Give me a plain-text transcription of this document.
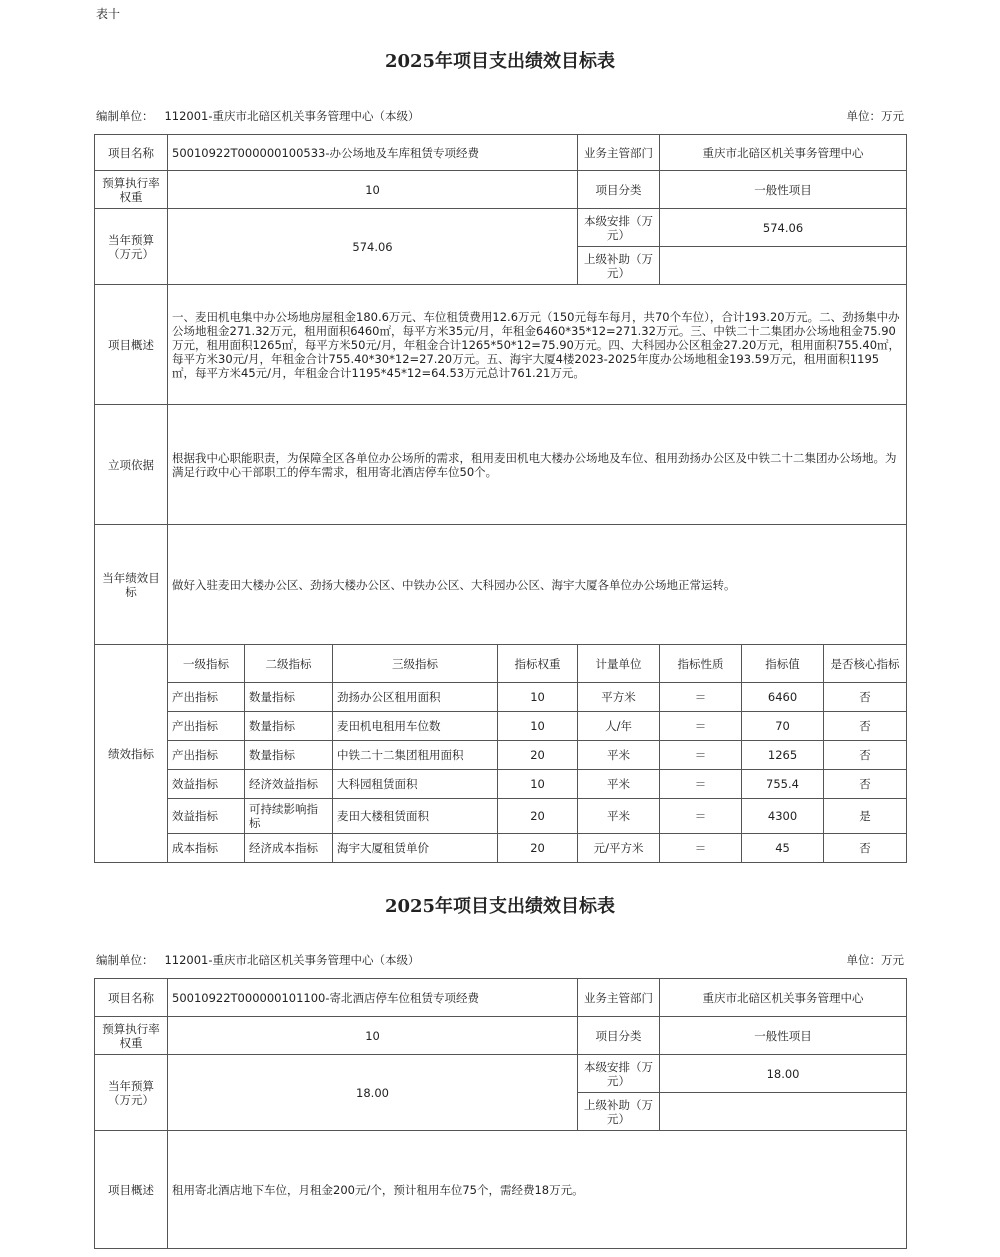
表十
2025年项目支出绩效目标表
编制单位： 112001-重庆市北碚区机关事务管理中心（本级）	单位：万元
项目名称	50010922T000000100533-办公场地及车库租赁专项经费				业务主管部门	重庆市北碚区机关事务管理中心		
预算执行率权重	10				项目分类	一般性项目		
当年预算（万元）	574.06				本级安排（万元）	574.06		
					上级补助（万元）			
项目概述	一、麦田机电集中办公场地房屋租金180.6万元、车位租赁费用12.6万元（150元每车每月，共70个车位），合计193.20万元。二、劲扬集中办公场地租金271.32万元，租用面积6460㎡，每平方米35元/月，年租金6460*35*12=271.32万元。三、中铁二十二集团办公场地租金75.90万元，租用面积1265㎡，每平方米50元/月，年租金合计1265*50*12=75.90万元。四、大科园办公区租金27.20万元，租用面积755.40㎡，每平方米30元/月，年租金合计755.40*30*12=27.20万元。五、海宇大厦4楼2023-2025年度办公场地租金193.59万元，租用面积1195㎡，每平方米45元/月，年租金合计1195*45*12=64.53万元总计761.21万元。							
立项依据	根据我中心职能职责，为保障全区各单位办公场所的需求，租用麦田机电大楼办公场地及车位、租用劲扬办公区及中铁二十二集团办公场地。为满足行政中心干部职工的停车需求，租用寄北酒店停车位50个。							
当年绩效目标	做好入驻麦田大楼办公区、劲扬大楼办公区、中铁办公区、大科园办公区、海宇大厦各单位办公场地正常运转。							
绩效指标	一级指标	二级指标	三级指标	指标权重	计量单位	指标性质	指标值	是否核心指标
	产出指标	数量指标	劲扬办公区租用面积	10	平方米	＝	6460	否
	产出指标	数量指标	麦田机电租用车位数	10	人/年	＝	70	否
	产出指标	数量指标	中铁二十二集团租用面积	20	平米	＝	1265	否
	效益指标	经济效益指标	大科园租赁面积	10	平米	＝	755.4	否
	效益指标	可持续影响指标	麦田大楼租赁面积	20	平米	＝	4300	是
	成本指标	经济成本指标	海宇大厦租赁单价	20	元/平方米	＝	45	否
2025年项目支出绩效目标表
编制单位： 112001-重庆市北碚区机关事务管理中心（本级）	单位：万元
项目名称	50010922T000000101100-寄北酒店停车位租赁专项经费	业务主管部门	重庆市北碚区机关事务管理中心
预算执行率权重	10	项目分类	一般性项目
当年预算（万元）	18.00	本级安排（万元）	18.00
		上级补助（万元）	
项目概述	租用寄北酒店地下车位，月租金200元/个，预计租用车位75个，需经费18万元。		
